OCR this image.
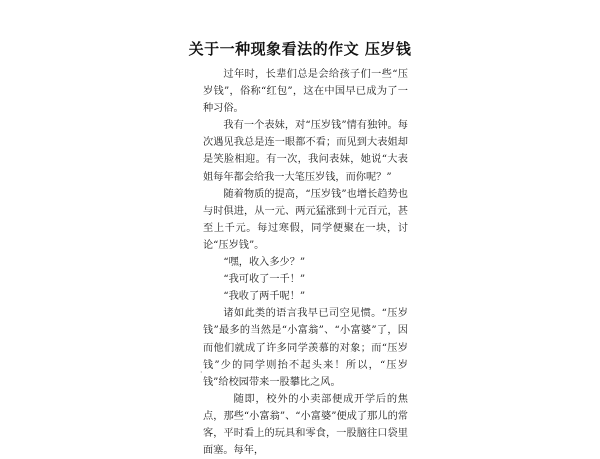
关于一种现象看法的作文 压岁钱

过年时，长辈们总是会给孩子们一些“压岁钱”，俗称“红包”，这在中国早已成为了一种习俗。

我有一个表妹，对“压岁钱”情有独钟。每次遇见我总是连一眼都不看；而见到大表姐却是笑脸相迎。有一次，我问表妹，她说“大表姐每年都会给我一大笔压岁钱，而你呢？”

随着物质的提高，“压岁钱”也增长趋势也与时俱进，从一元、两元猛涨到十元百元，甚至上千元。每过寒假，同学便聚在一块，讨论“压岁钱”。

“嘿，收入多少？”

“我可收了一千！”

“我收了两千呢！”

诸如此类的语言我早已司空见惯。“压岁钱”最多的当然是“小富翁”、“小富婆”了，因而他们就成了许多同学羡慕的对象；而“压岁钱”少的同学则抬不起头来！所以，“压岁钱”给校园带来一股攀比之风。

随即，校外的小卖部便成开学后的焦点，那些“小富翁”、“小富婆”便成了那儿的常客，平时看上的玩具和零食，一股脑往口袋里面塞。每年，

·
